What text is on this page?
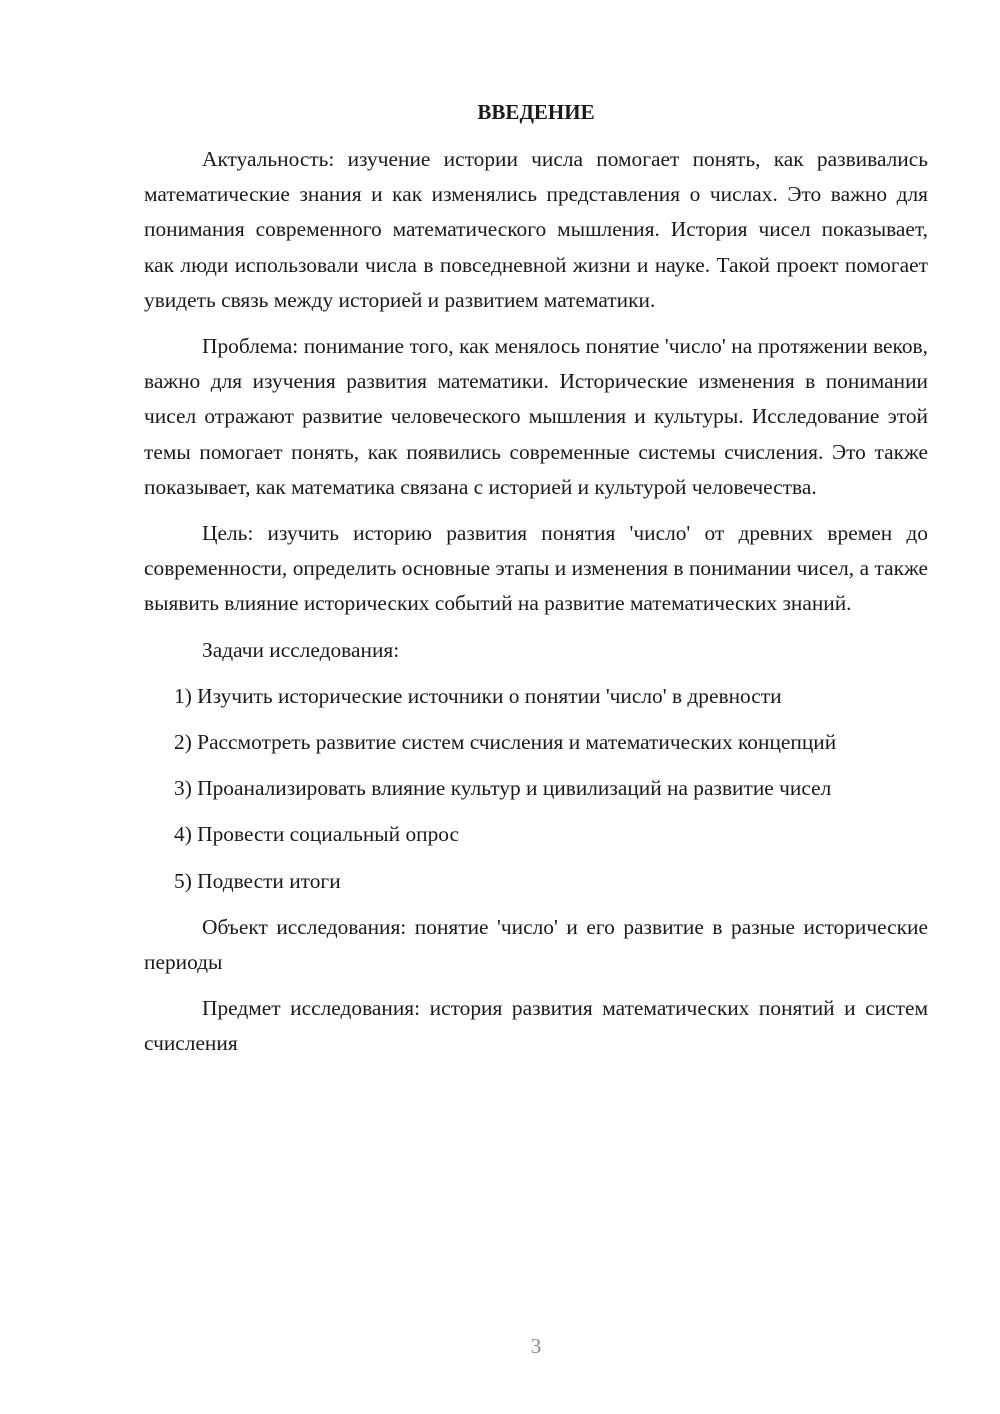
ВВЕДЕНИЕ

Актуальность: изучение истории числа помогает понять, как развивались математические знания и как изменялись представления о числах. Это важно для понимания современного математического мышления. История чисел показывает, как люди использовали числа в повседневной жизни и науке. Такой проект помогает увидеть связь между историей и развитием математики.

Проблема: понимание того, как менялось понятие 'число' на протяжении веков, важно для изучения развития математики. Исторические изменения в понимании чисел отражают развитие человеческого мышления и культуры. Исследование этой темы помогает понять, как появились современные системы счисления. Это также показывает, как математика связана с историей и культурой человечества.

Цель: изучить историю развития понятия 'число' от древних времен до современности, определить основные этапы и изменения в понимании чисел, а также выявить влияние исторических событий на развитие математических знаний.

Задачи исследования:

1) Изучить исторические источники о понятии 'число' в древности

2) Рассмотреть развитие систем счисления и математических концепций

3) Проанализировать влияние культур и цивилизаций на развитие чисел

4) Провести социальный опрос

5) Подвести итоги

Объект исследования: понятие 'число' и его развитие в разные исторические периоды

Предмет исследования: история развития математических понятий и систем счисления

3
